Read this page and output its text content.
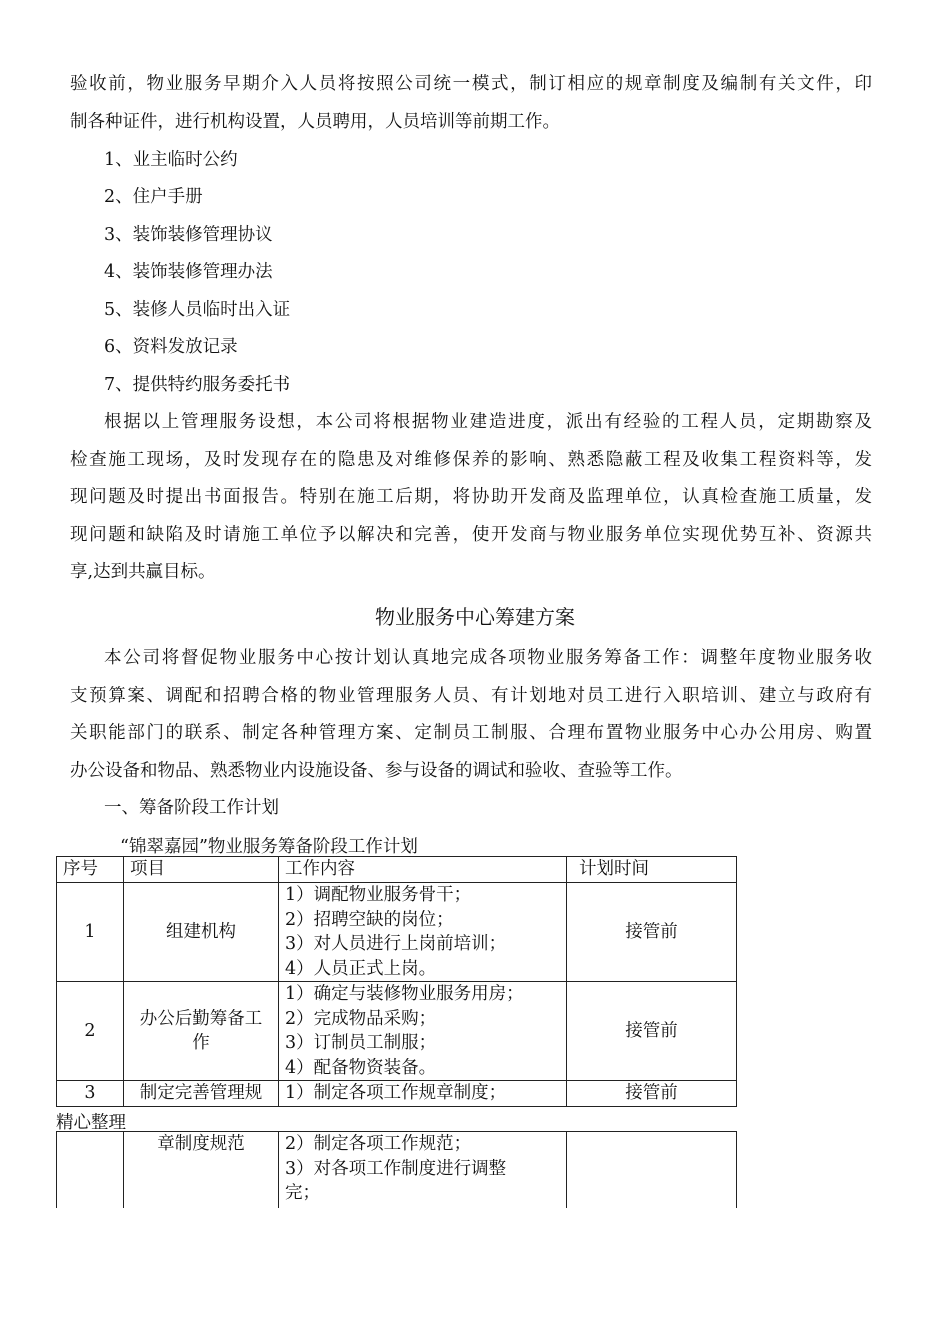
验收前，物业服务早期介入人员将按照公司统一模式，制订相应的规章制度及编制有关文件，印
制各种证件，进行机构设置，人员聘用，人员培训等前期工作。
1、业主临时公约
2、住户手册
3、装饰装修管理协议
4、装饰装修管理办法
5、装修人员临时出入证
6、资料发放记录
7、提供特约服务委托书
根据以上管理服务设想，本公司将根据物业建造进度，派出有经验的工程人员，定期勘察及
检查施工现场，及时发现存在的隐患及对维修保养的影响、熟悉隐蔽工程及收集工程资料等，发
现问题及时提出书面报告。特别在施工后期，将协助开发商及监理单位，认真检查施工质量，发
现问题和缺陷及时请施工单位予以解决和完善，使开发商与物业服务单位实现优势互补、资源共
享,达到共赢目标。
物业服务中心筹建方案
本公司将督促物业服务中心按计划认真地完成各项物业服务筹备工作：调整年度物业服务收
支预算案、调配和招聘合格的物业管理服务人员、有计划地对员工进行入职培训、建立与政府有
关职能部门的联系、制定各种管理方案、定制员工制服、合理布置物业服务中心办公用房、购置
办公设备和物品、熟悉物业内设施设备、参与设备的调试和验收、查验等工作。
一、筹备阶段工作计划
“锦翠嘉园”物业服务筹备阶段工作计划
序号	项目	工作内容	计划时间
1	组建机构	1）调配物业服务骨干；
2）招聘空缺的岗位；
3）对人员进行上岗前培训；
4）人员正式上岗。	接管前
2	办公后勤筹备工作	1）确定与装修物业服务用房；
2）完成物品采购；
3）订制员工制服；
4）配备物资装备。	接管前
3	制定完善管理规	1）制定各项工作规章制度；	接管前
精心整理
	章制度规范	2）制定各项工作规范；
3）对各项工作制度进行调整完；
